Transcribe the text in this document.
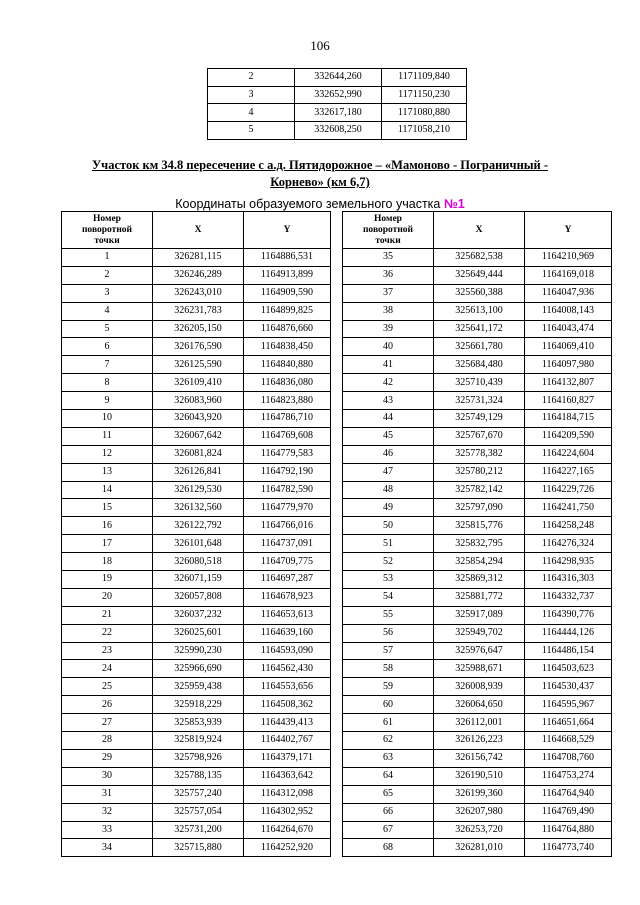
106
2	332644,260	1171109,840
3	332652,990	1171150,230
4	332617,180	1171080,880
5	332608,250	1171058,210
Участок км 34.8 пересечение с а.д. Пятидорожное – «Мамоново - Пограничный -
Корнево» (км 6,7)
Координаты образуемого земельного участка №1
Номер
поворотной
точки	X	Y
1	326281,115	1164886,531
2	326246,289	1164913,899
3	326243,010	1164909,590
4	326231,783	1164899,825
5	326205,150	1164876,660
6	326176,590	1164838,450
7	326125,590	1164840,880
8	326109,410	1164836,080
9	326083,960	1164823,880
10	326043,920	1164786,710
11	326067,642	1164769,608
12	326081,824	1164779,583
13	326126,841	1164792,190
14	326129,530	1164782,590
15	326132,560	1164779,970
16	326122,792	1164766,016
17	326101,648	1164737,091
18	326080,518	1164709,775
19	326071,159	1164697,287
20	326057,808	1164678,923
21	326037,232	1164653,613
22	326025,601	1164639,160
23	325990,230	1164593,090
24	325966,690	1164562,430
25	325959,438	1164553,656
26	325918,229	1164508,362
27	325853,939	1164439,413
28	325819,924	1164402,767
29	325798,926	1164379,171
30	325788,135	1164363,642
31	325757,240	1164312,098
32	325757,054	1164302,952
33	325731,200	1164264,670
34	325715,880	1164252,920
Номер
поворотной
точки	X	Y
35	325682,538	1164210,969
36	325649,444	1164169,018
37	325560,388	1164047,936
38	325613,100	1164008,143
39	325641,172	1164043,474
40	325661,780	1164069,410
41	325684,480	1164097,980
42	325710,439	1164132,807
43	325731,324	1164160,827
44	325749,129	1164184,715
45	325767,670	1164209,590
46	325778,382	1164224,604
47	325780,212	1164227,165
48	325782,142	1164229,726
49	325797,090	1164241,750
50	325815,776	1164258,248
51	325832,795	1164276,324
52	325854,294	1164298,935
53	325869,312	1164316,303
54	325881,772	1164332,737
55	325917,089	1164390,776
56	325949,702	1164444,126
57	325976,647	1164486,154
58	325988,671	1164503,623
59	326008,939	1164530,437
60	326064,650	1164595,967
61	326112,001	1164651,664
62	326126,223	1164668,529
63	326156,742	1164708,760
64	326190,510	1164753,274
65	326199,360	1164764,940
66	326207,980	1164769,490
67	326253,720	1164764,880
68	326281,010	1164773,740
